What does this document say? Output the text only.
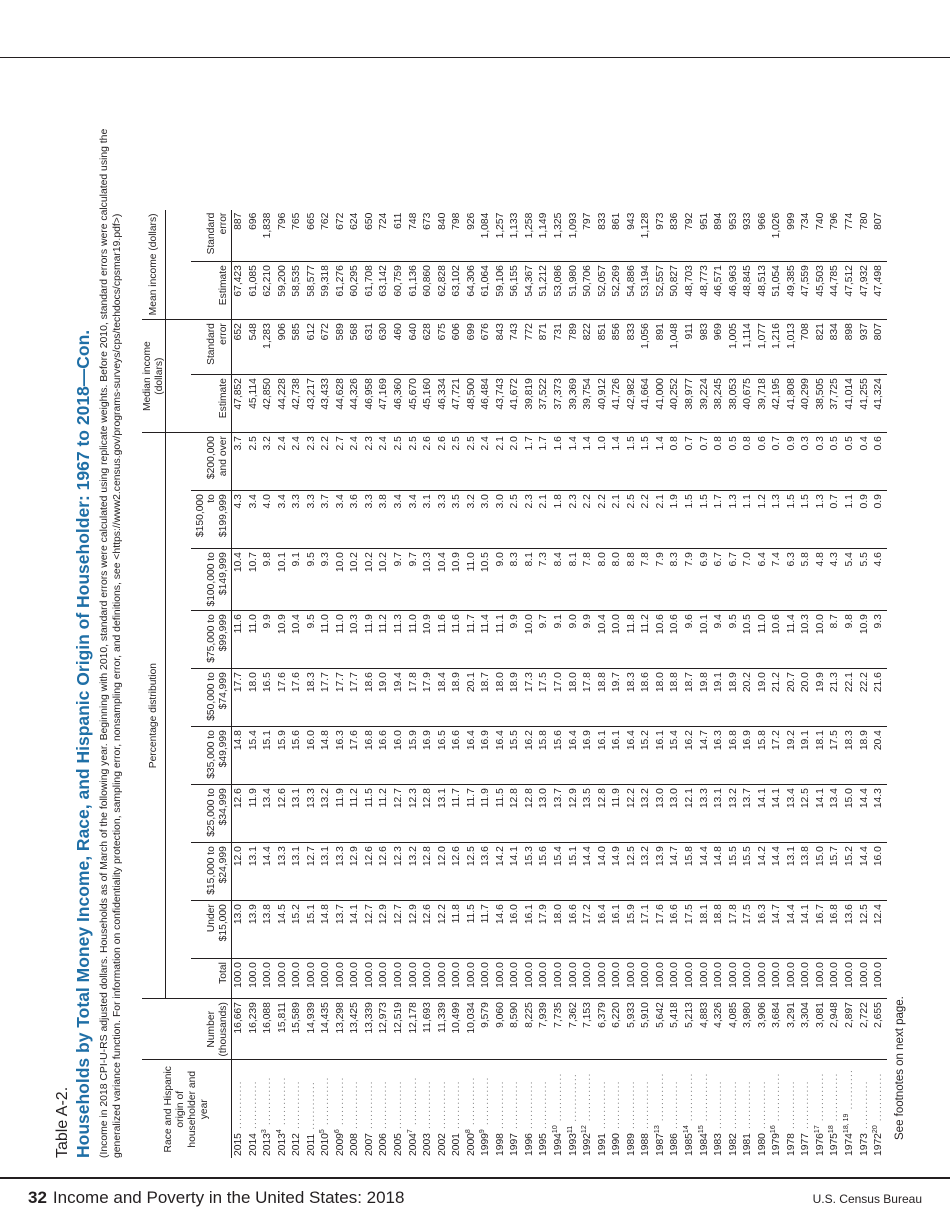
Table A-2. Households by Total Money Income, Race, and Hispanic Origin of Householder: 1967 to 2018—Con. (Income in 2018 CPI-U-RS adjusted dollars. Households as of March of the following year. Beginning with 2010, standard errors were calculated using replicate weights. Before 2010, standard errors were calculated using the generalized variance function. For information on confidentiality protection, sampling error, nonsampling error, and definitions, see <https://www2.census.gov/programs-surveys/cps/techdocs/cpsmar19.pdf>)	Race and Hispanic origin of householder and year	Number (thousands)	Percentage distribution										Median income (dollars)		Mean income (dollars)	

		Total	Under $15,000	$15,000 to $24,999	$25,000 to $34,999	$35,000 to $49,999	$50,000 to $74,999	$75,000 to $99,999	$100,000 to $149,999	$150,000 to $199,999	$200,000 and over	Estimate	Standard error	Estimate	Standard error
2015 ............	16,667	100.0	13.0	12.0	12.6	14.8	17.7	11.6	10.4	4.3	3.7	47,852	652	67,423	887
2014 ............	16,239	100.0	13.9	13.1	11.9	15.4	18.0	11.0	10.7	3.4	2.5	45,114	548	61,085	696
2013$^3$ ............	16,088	100.0	13.8	14.4	13.4	15.1	16.5	9.9	9.8	4.0	3.2	42,850	1,283	62,210	1,838
2013$^4$ ............	15,811	100.0	14.5	13.3	12.6	15.9	17.6	10.9	10.1	3.4	2.4	44,228	906	59,200	796
2012 ............	15,589	100.0	15.2	13.1	13.1	15.6	17.6	10.4	9.1	3.3	2.4	42,738	585	58,535	765
2011 ............	14,939	100.0	15.1	12.7	13.3	16.0	18.3	9.5	9.5	3.3	2.3	43,217	612	58,577	665
2010$^5$ ............	14,435	100.0	14.8	13.1	13.2	14.8	17.7	11.0	9.3	3.7	2.2	43,433	672	59,318	762
2009$^6$ ............	13,298	100.0	13.7	13.3	11.9	16.3	17.7	11.0	10.0	3.4	2.7	44,628	589	61,276	672
2008 ............	13,425	100.0	14.1	12.9	11.2	17.6	17.7	10.3	10.2	3.6	2.4	44,326	568	60,295	624
2007 ............	13,339	100.0	12.7	12.6	11.5	16.8	18.6	11.9	10.2	3.3	2.3	46,958	631	61,708	650
2006 ............	12,973	100.0	12.9	12.6	11.2	16.6	19.0	11.2	10.2	3.8	2.4	47,169	630	63,142	724
2005 ............	12,519	100.0	12.7	12.3	12.7	16.0	19.4	11.3	9.7	3.4	2.5	46,360	460	60,759	611
2004$^7$ ............	12,178	100.0	12.9	13.2	12.3	15.9	17.8	11.0	9.7	3.4	2.5	45,670	640	61,136	748
2003 ............	11,693	100.0	12.6	12.8	12.8	16.9	17.9	10.9	10.3	3.1	2.6	45,160	628	60,860	673
2002 ............	11,339	100.0	12.2	12.0	13.1	16.5	18.4	11.6	10.4	3.3	2.6	46,334	675	62,828	840
2001 ............	10,499	100.0	11.8	12.6	11.7	16.6	18.9	11.6	10.9	3.5	2.5	47,721	606	63,102	798
2000$^8$ ............	10,034	100.0	11.5	12.5	11.7	16.4	20.1	11.7	11.0	3.2	2.5	48,500	699	64,306	926
1999$^9$ ............	9,579	100.0	11.7	13.6	11.9	16.9	18.7	11.4	10.5	3.0	2.4	46,484	676	61,064	1,084
1998 ............	9,060	100.0	14.6	14.2	11.5	16.4	18.0	11.1	9.0	3.0	2.1	43,743	843	59,106	1,257
1997 ............	8,590	100.0	16.0	14.1	12.8	15.5	18.9	9.9	8.3	2.5	2.0	41,672	743	56,155	1,133
1996 ............	8,225	100.0	16.1	15.3	12.8	16.2	17.3	10.0	8.1	2.3	1.7	39,819	772	54,367	1,258
1995 ............	7,939	100.0	17.9	15.6	13.0	15.8	17.5	9.7	7.3	2.1	1.7	37,522	871	51,212	1,149
1994$^{10}$ ............	7,735	100.0	18.0	15.4	13.7	15.6	17.0	9.1	8.4	1.8	1.6	37,373	731	53,086	1,325
1993$^{11}$ ............	7,362	100.0	16.6	15.1	12.9	16.4	18.0	9.0	8.1	2.3	1.4	39,369	789	51,980	1,093
1992$^{12}$ ............	7,153	100.0	17.2	14.4	13.5	16.9	17.8	9.9	7.8	2.2	1.4	39,754	822	50,706	797
1991 ............	6,379	100.0	16.4	14.0	12.8	16.1	18.8	10.4	8.0	2.2	1.0	40,912	851	52,057	833
1990 ............	6,220	100.0	16.1	14.9	11.9	16.1	19.7	10.0	8.0	2.1	1.4	41,726	856	52,269	861
1989 ............	5,933	100.0	15.9	12.5	12.2	16.4	18.3	11.8	8.8	2.5	1.5	42,982	833	54,886	943
1988 ............	5,910	100.0	17.1	13.2	13.2	15.2	18.6	11.2	7.8	2.2	1.5	41,664	1,056	53,194	1,128
1987$^{13}$ ............	5,642	100.0	17.6	13.9	13.0	16.1	18.0	10.6	7.9	2.1	1.4	41,000	891	52,557	973
1986 ............	5,418	100.0	16.6	14.7	13.0	15.4	18.8	10.6	8.3	1.9	0.8	40,252	1,048	50,827	836
1985$^{14}$ ............	5,213	100.0	17.5	15.8	12.1	16.2	18.7	9.6	7.9	1.5	0.7	38,977	911	48,703	792
1984$^{15}$ ............	4,883	100.0	18.1	14.4	13.3	14.7	19.8	10.1	6.9	1.5	0.7	39,224	983	48,773	951
1983 ............	4,326	100.0	18.8	14.8	13.1	16.3	19.1	9.4	6.7	1.7	0.8	38,245	969	46,571	894
1982 ............	4,085	100.0	17.8	15.5	13.2	16.8	18.9	9.5	6.7	1.3	0.5	38,053	1,005	46,963	953
1981 ............	3,980	100.0	17.5	15.5	13.7	16.9	20.2	10.5	7.0	1.1	0.8	40,675	1,114	48,845	933
1980 ............	3,906	100.0	16.3	14.2	14.1	15.8	19.0	11.0	6.4	1.2	0.6	39,718	1,077	48,513	966
1979$^{16}$ ............	3,684	100.0	14.7	14.4	14.1	17.2	21.2	10.6	7.4	1.3	0.7	42,195	1,216	51,054	1,026
1978 ............	3,291	100.0	14.4	13.1	13.4	19.2	20.7	11.4	6.3	1.5	0.9	41,808	1,013	49,385	999
1977 ............	3,304	100.0	14.1	13.8	12.5	19.1	20.0	10.3	5.8	1.5	0.3	40,299	708	47,559	734
1976$^{17}$ ............	3,081	100.0	16.7	15.0	14.1	18.1	19.9	10.0	4.8	1.3	0.3	38,505	821	45,503	740
1975$^{18}$ ............	2,948	100.0	16.8	15.7	13.4	17.5	21.3	8.7	4.3	0.7	0.5	37,725	834	44,785	796
1974$^{18, 19}$ ..........	2,897	100.0	13.6	15.2	15.0	18.3	22.1	9.8	5.4	1.1	0.5	41,014	898	47,512	774
1973 ............	2,722	100.0	12.5	14.4	14.4	18.9	22.2	10.9	5.5	0.9	0.4	41,255	937	47,932	780
1972$^{20}$ ............	2,655	100.0	12.4	16.0	14.3	20.4	21.6	9.3	4.6	0.9	0.6	41,324	807	47,498	807
See footnotes on next page.
32 Income and Poverty in the United States: 2018	U.S. Census Bureau
